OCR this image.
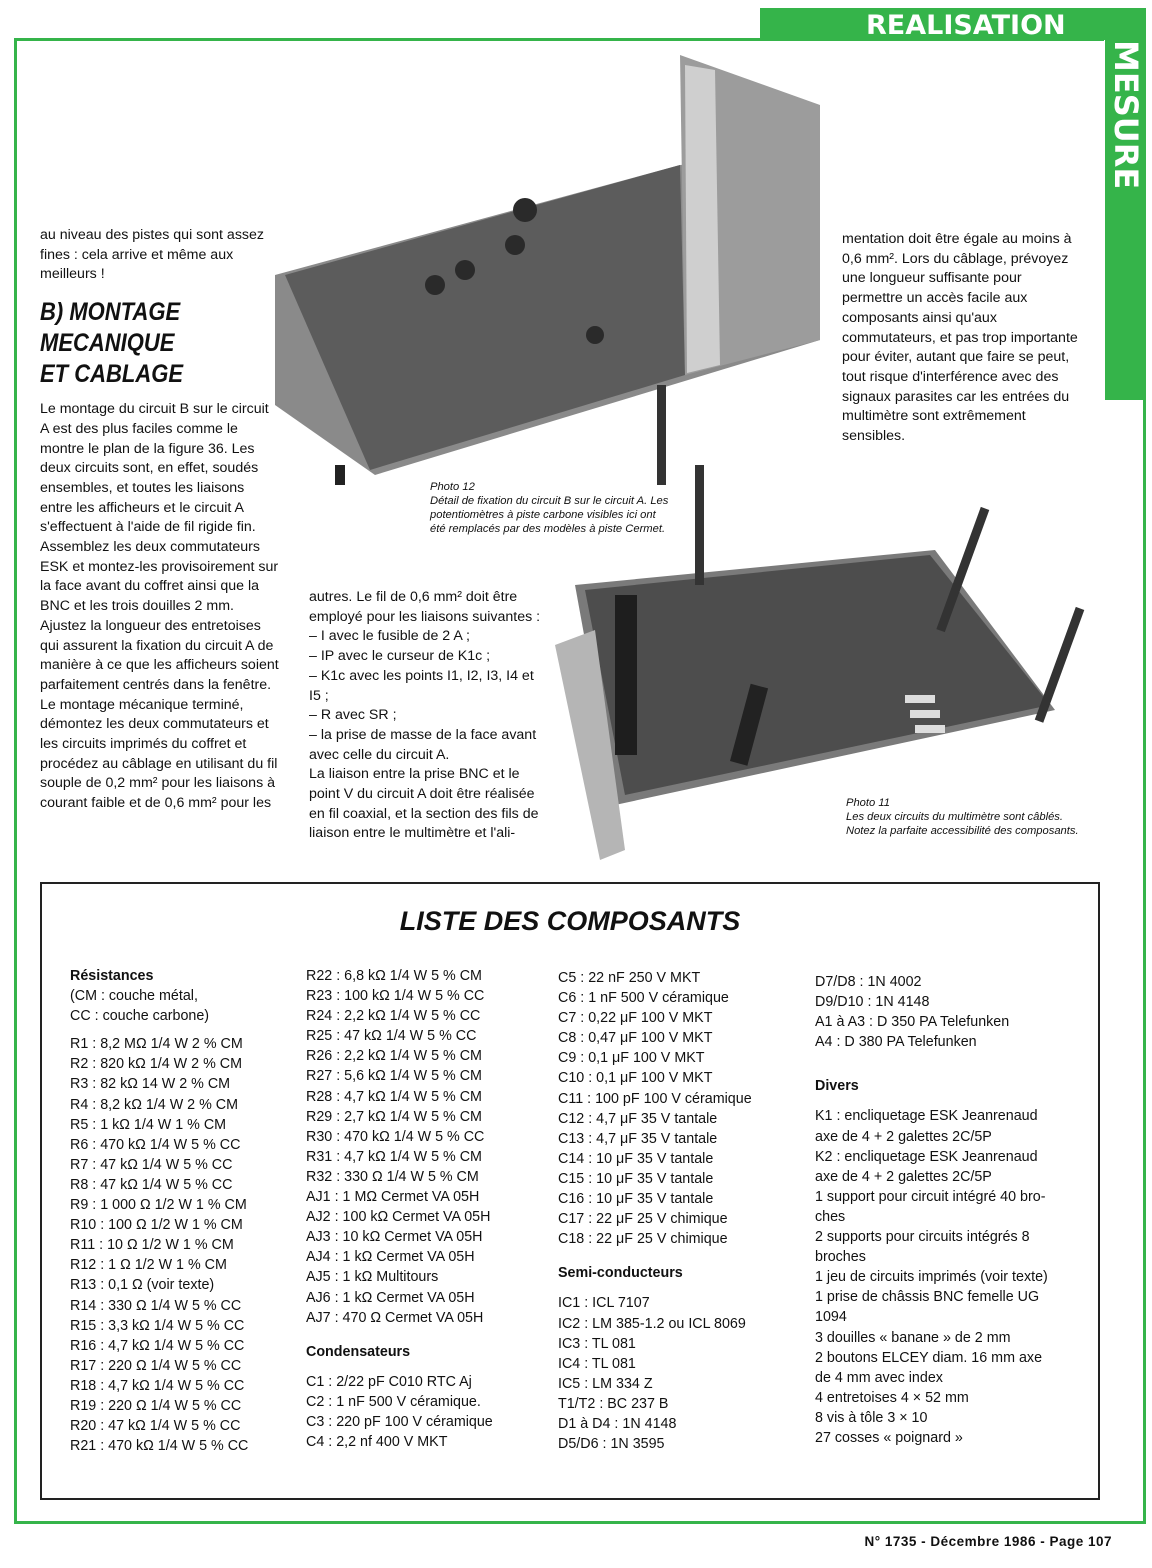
REALISATION
MESURE

au niveau des pistes qui sont assez fines : cela arrive et même aux meilleurs !

B) MONTAGE
MECANIQUE
ET CABLAGE

Le montage du circuit B sur le circuit A est des plus faciles comme le montre le plan de la figure 36. Les deux circuits sont, en effet, soudés ensembles, et toutes les liaisons entre les afficheurs et le circuit A s'effectuent à l'aide de fil rigide fin. Assemblez les deux commutateurs ESK et montez-les provisoirement sur la face avant du coffret ainsi que la BNC et les trois douilles 2 mm. Ajustez la longueur des entretoises qui assurent la fixation du circuit A de manière à ce que les afficheurs soient parfaitement centrés dans la fenêtre.

Le montage mécanique terminé, démontez les deux commutateurs et les circuits imprimés du coffret et procédez au câblage en utilisant du fil souple de 0,2 mm² pour les liaisons à courant faible et de 0,6 mm² pour les

Photo 12
Détail de fixation du circuit B sur le circuit A. Les potentiomètres à piste carbone visibles ici ont été remplacés par des modèles à piste Cermet.

mentation doit être égale au moins à 0,6 mm². Lors du câblage, prévoyez une longueur suffisante pour permettre un accès facile aux composants ainsi qu'aux commutateurs, et pas trop importante pour éviter, autant que faire se peut, tout risque d'interférence avec des signaux parasites car les entrées du multimètre sont extrêmement sensibles.

autres. Le fil de 0,6 mm² doit être employé pour les liaisons suivantes :

– I avec le fusible de 2 A ;

– IP avec le curseur de K1c ;

– K1c avec les points I1, I2, I3, I4 et I5 ;

– R avec SR ;

– la prise de masse de la face avant avec celle du circuit A.

La liaison entre la prise BNC et le point V du circuit A doit être réalisée en fil coaxial, et la section des fils de liaison entre le multimètre et l'ali-

Photo 11
Les deux circuits du multimètre sont câblés. Notez la parfaite accessibilité des composants.
LISTE DES COMPOSANTS
Résistances
(CM : couche métal,
CC : couche carbone)
R1 : 8,2 MΩ 1/4 W 2 % CM
R2 : 820 kΩ 1/4 W 2 % CM
R3 : 82 kΩ 14 W 2 % CM
R4 : 8,2 kΩ 1/4 W 2 % CM
R5 : 1 kΩ 1/4 W 1 % CM
R6 : 470 kΩ 1/4 W 5 % CC
R7 : 47 kΩ 1/4 W 5 % CC
R8 : 47 kΩ 1/4 W 5 % CC
R9 : 1 000 Ω 1/2 W 1 % CM
R10 : 100 Ω 1/2 W 1 % CM
R11 : 10 Ω 1/2 W 1 % CM
R12 : 1 Ω 1/2 W 1 % CM
R13 : 0,1 Ω (voir texte)
R14 : 330 Ω 1/4 W 5 % CC
R15 : 3,3 kΩ 1/4 W 5 % CC
R16 : 4,7 kΩ 1/4 W 5 % CC
R17 : 220 Ω 1/4 W 5 % CC
R18 : 4,7 kΩ 1/4 W 5 % CC
R19 : 220 Ω 1/4 W 5 % CC
R20 : 47 kΩ 1/4 W 5 % CC
R21 : 470 kΩ 1/4 W 5 % CC
R22 : 6,8 kΩ 1/4 W 5 % CM
R23 : 100 kΩ 1/4 W 5 % CC
R24 : 2,2 kΩ 1/4 W 5 % CC
R25 : 47 kΩ 1/4 W 5 % CC
R26 : 2,2 kΩ 1/4 W 5 % CM
R27 : 5,6 kΩ 1/4 W 5 % CM
R28 : 4,7 kΩ 1/4 W 5 % CM
R29 : 2,7 kΩ 1/4 W 5 % CM
R30 : 470 kΩ 1/4 W 5 % CC
R31 : 4,7 kΩ 1/4 W 5 % CM
R32 : 330 Ω 1/4 W 5 % CM
AJ1 : 1 MΩ Cermet VA 05H
AJ2 : 100 kΩ Cermet VA 05H
AJ3 : 10 kΩ Cermet VA 05H
AJ4 : 1 kΩ Cermet VA 05H
AJ5 : 1 kΩ Multitours
AJ6 : 1 kΩ Cermet VA 05H
AJ7 : 470 Ω Cermet VA 05H
Condensateurs
C1 : 2/22 pF C010 RTC Aj
C2 : 1 nF 500 V céramique.
C3 : 220 pF 100 V céramique
C4 : 2,2 nf 400 V MKT
C5 : 22 nF 250 V MKT
C6 : 1 nF 500 V céramique
C7 : 0,22 μF 100 V MKT
C8 : 0,47 μF 100 V MKT
C9 : 0,1 μF 100 V MKT
C10 : 0,1 μF 100 V MKT
C11 : 100 pF 100 V céramique
C12 : 4,7 μF 35 V tantale
C13 : 4,7 μF 35 V tantale
C14 : 10 μF 35 V tantale
C15 : 10 μF 35 V tantale
C16 : 10 μF 35 V tantale
C17 : 22 μF 25 V chimique
C18 : 22 μF 25 V chimique
Semi-conducteurs
IC1 : ICL 7107
IC2 : LM 385-1.2 ou ICL 8069
IC3 : TL 081
IC4 : TL 081
IC5 : LM 334 Z
T1/T2 : BC 237 B
D1 à D4 : 1N 4148
D5/D6 : 1N 3595
D7/D8 : 1N 4002
D9/D10 : 1N 4148
A1 à A3 : D 350 PA Telefunken
A4 : D 380 PA Telefunken
Divers
K1 : encliquetage ESK Jeanrenaud
axe de 4 + 2 galettes 2C/5P
K2 : encliquetage ESK Jeanrenaud
axe de 4 + 2 galettes 2C/5P
1 support pour circuit intégré 40 bro-
ches
2 supports pour circuits intégrés 8
broches
1 jeu de circuits imprimés (voir texte)
1 prise de châssis BNC femelle UG
1094
3 douilles « banane » de 2 mm
2 boutons ELCEY diam. 16 mm axe
de 4 mm avec index
4 entretoises 4 × 52 mm
8 vis à tôle 3 × 10
27 cosses « poignard »
N° 1735 - Décembre 1986 - Page 107
